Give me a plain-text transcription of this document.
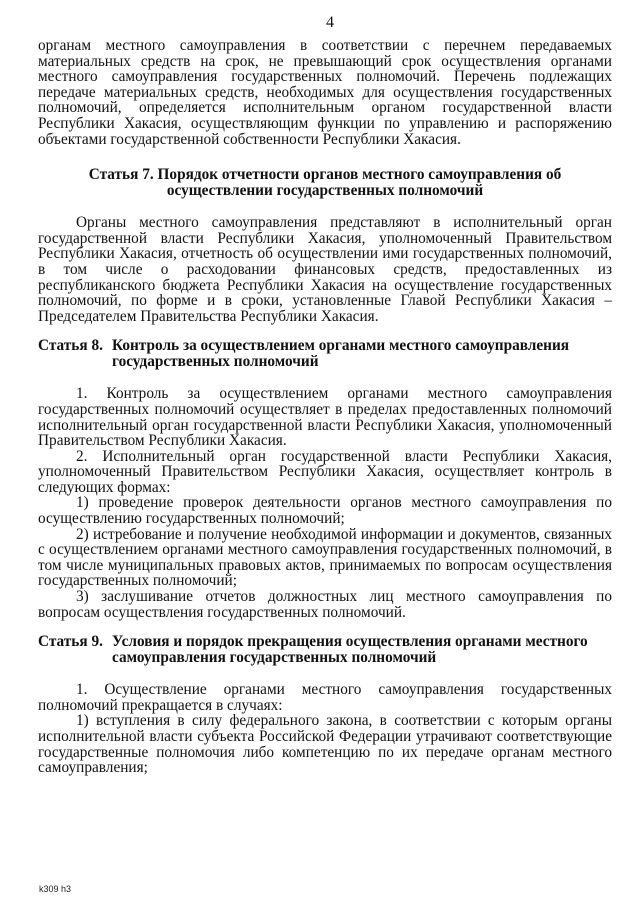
4

органам местного самоуправления в соответствии с перечнем передаваемых материальных средств на срок, не превышающий срок осуществления органами местного самоуправления государственных полномочий. Перечень подлежащих передаче материальных средств, необходимых для осуществления государственных полномочий, определяется исполнительным органом государственной власти Республики Хакасия, осуществляющим функции по управлению и распоряжению объектами государственной собственности Республики Хакасия.

Статья 7. Порядок отчетности органов местного самоуправления об осуществлении государственных полномочий

Органы местного самоуправления представляют в исполнительный орган государственной власти Республики Хакасия, уполномоченный Правительством Республики Хакасия, отчетность об осуществлении ими государственных полномочий, в том числе о расходовании финансовых средств, предоставленных из республиканского бюджета Республики Хакасия на осуществление государственных полномочий, по форме и в сроки, установленные Главой Республики Хакасия – Председателем Правительства Республики Хакасия.

Статья 8. Контроль за осуществлением органами местного самоуправления государственных полномочий

1. Контроль за осуществлением органами местного самоуправления государственных полномочий осуществляет в пределах предоставленных полномочий исполнительный орган государственной власти Республики Хакасия, уполномоченный Правительством Республики Хакасия.

2. Исполнительный орган государственной власти Республики Хакасия, уполномоченный Правительством Республики Хакасия, осуществляет контроль в следующих формах:

1) проведение проверок деятельности органов местного самоуправления по осуществлению государственных полномочий;

2) истребование и получение необходимой информации и документов, связанных с осуществлением органами местного самоуправления государственных полномочий, в том числе муниципальных правовых актов, принимаемых по вопросам осуществления государственных полномочий;

3) заслушивание отчетов должностных лиц местного самоуправления по вопросам осуществления государственных полномочий.

Статья 9. Условия и порядок прекращения осуществления органами местного самоуправления государственных полномочий

1. Осуществление органами местного самоуправления государственных полномочий прекращается в случаях:

1) вступления в силу федерального закона, в соответствии с которым органы исполнительной власти субъекта Российской Федерации утрачивают соответствующие государственные полномочия либо компетенцию по их передаче органам местного самоуправления;

k309 h3
